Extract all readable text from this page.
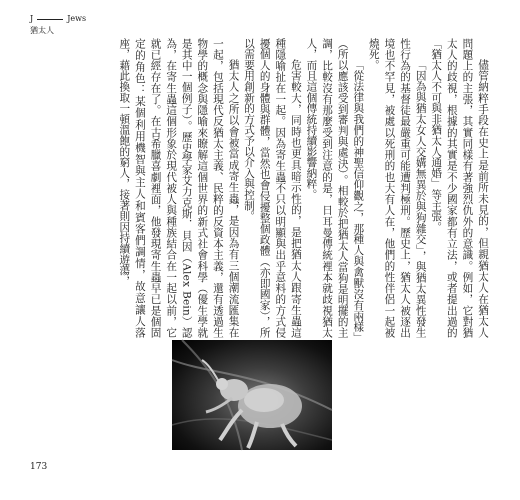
J	Jews
猶太人

儘管納粹手段在史上是前所未見的，但親猶太人在猶太人問題上的主張，其實同樣有著強烈仇外的意識。例如，它對猶太人的歧視，根據的其實是不少國家都有立法，或者提出過的「猶太人不可與非猶太人通婚」等主張。

「因為與猶太女人交媾無異於與狗雜交」，與猶太異性發生性行為的基督徒最嚴重可能遭判極刑。歷史上，猶太人被逐出境也不罕見，被處以死刑的也大有人在，他們的性伴侶一起被燒死。

「從法律與我們的神聖信仰觀之，那種人與禽獸沒有兩樣」（所以應該受到審判與處決）。相較於把猶太人當狗是明擺的主調，比較沒有那麼受到注意的是，日耳曼傳統裡本就歧視猶太人，而且這個傳統持續影響納粹。

危害較大，同時也更具暗示性的，是把猶太人跟寄生蟲這種隱喻扯在一起。因為寄生蟲不只以明顯與出乎意料的方式侵擾個人的身體與群體，當然也會侵擾整個政體（亦即國家），所以需要用創新的方式予以介入與控制。

猶太人之所以會被當成寄生蟲，是因為有三個潮流匯集在一起，包括現代反猶太主義、民粹的反資本主義，還有透過生物學的概念與隱喻來瞭解這個世界的新式社會科學（優生學就是其中一個例子）。歷史學家艾力克斯．貝因（Alex Bein）認為，在寄生蟲這個形象於現代被人與種族結合在一起以前，它就已經存在了。在古希臘喜劇裡面，他發現寄生蟲早已是個固定的角色：某個利用機智與主人和賓客們調情，故意讓人落座，藉此換取一頓溫飽的窮人，接著則因持續遊蕩，

173
